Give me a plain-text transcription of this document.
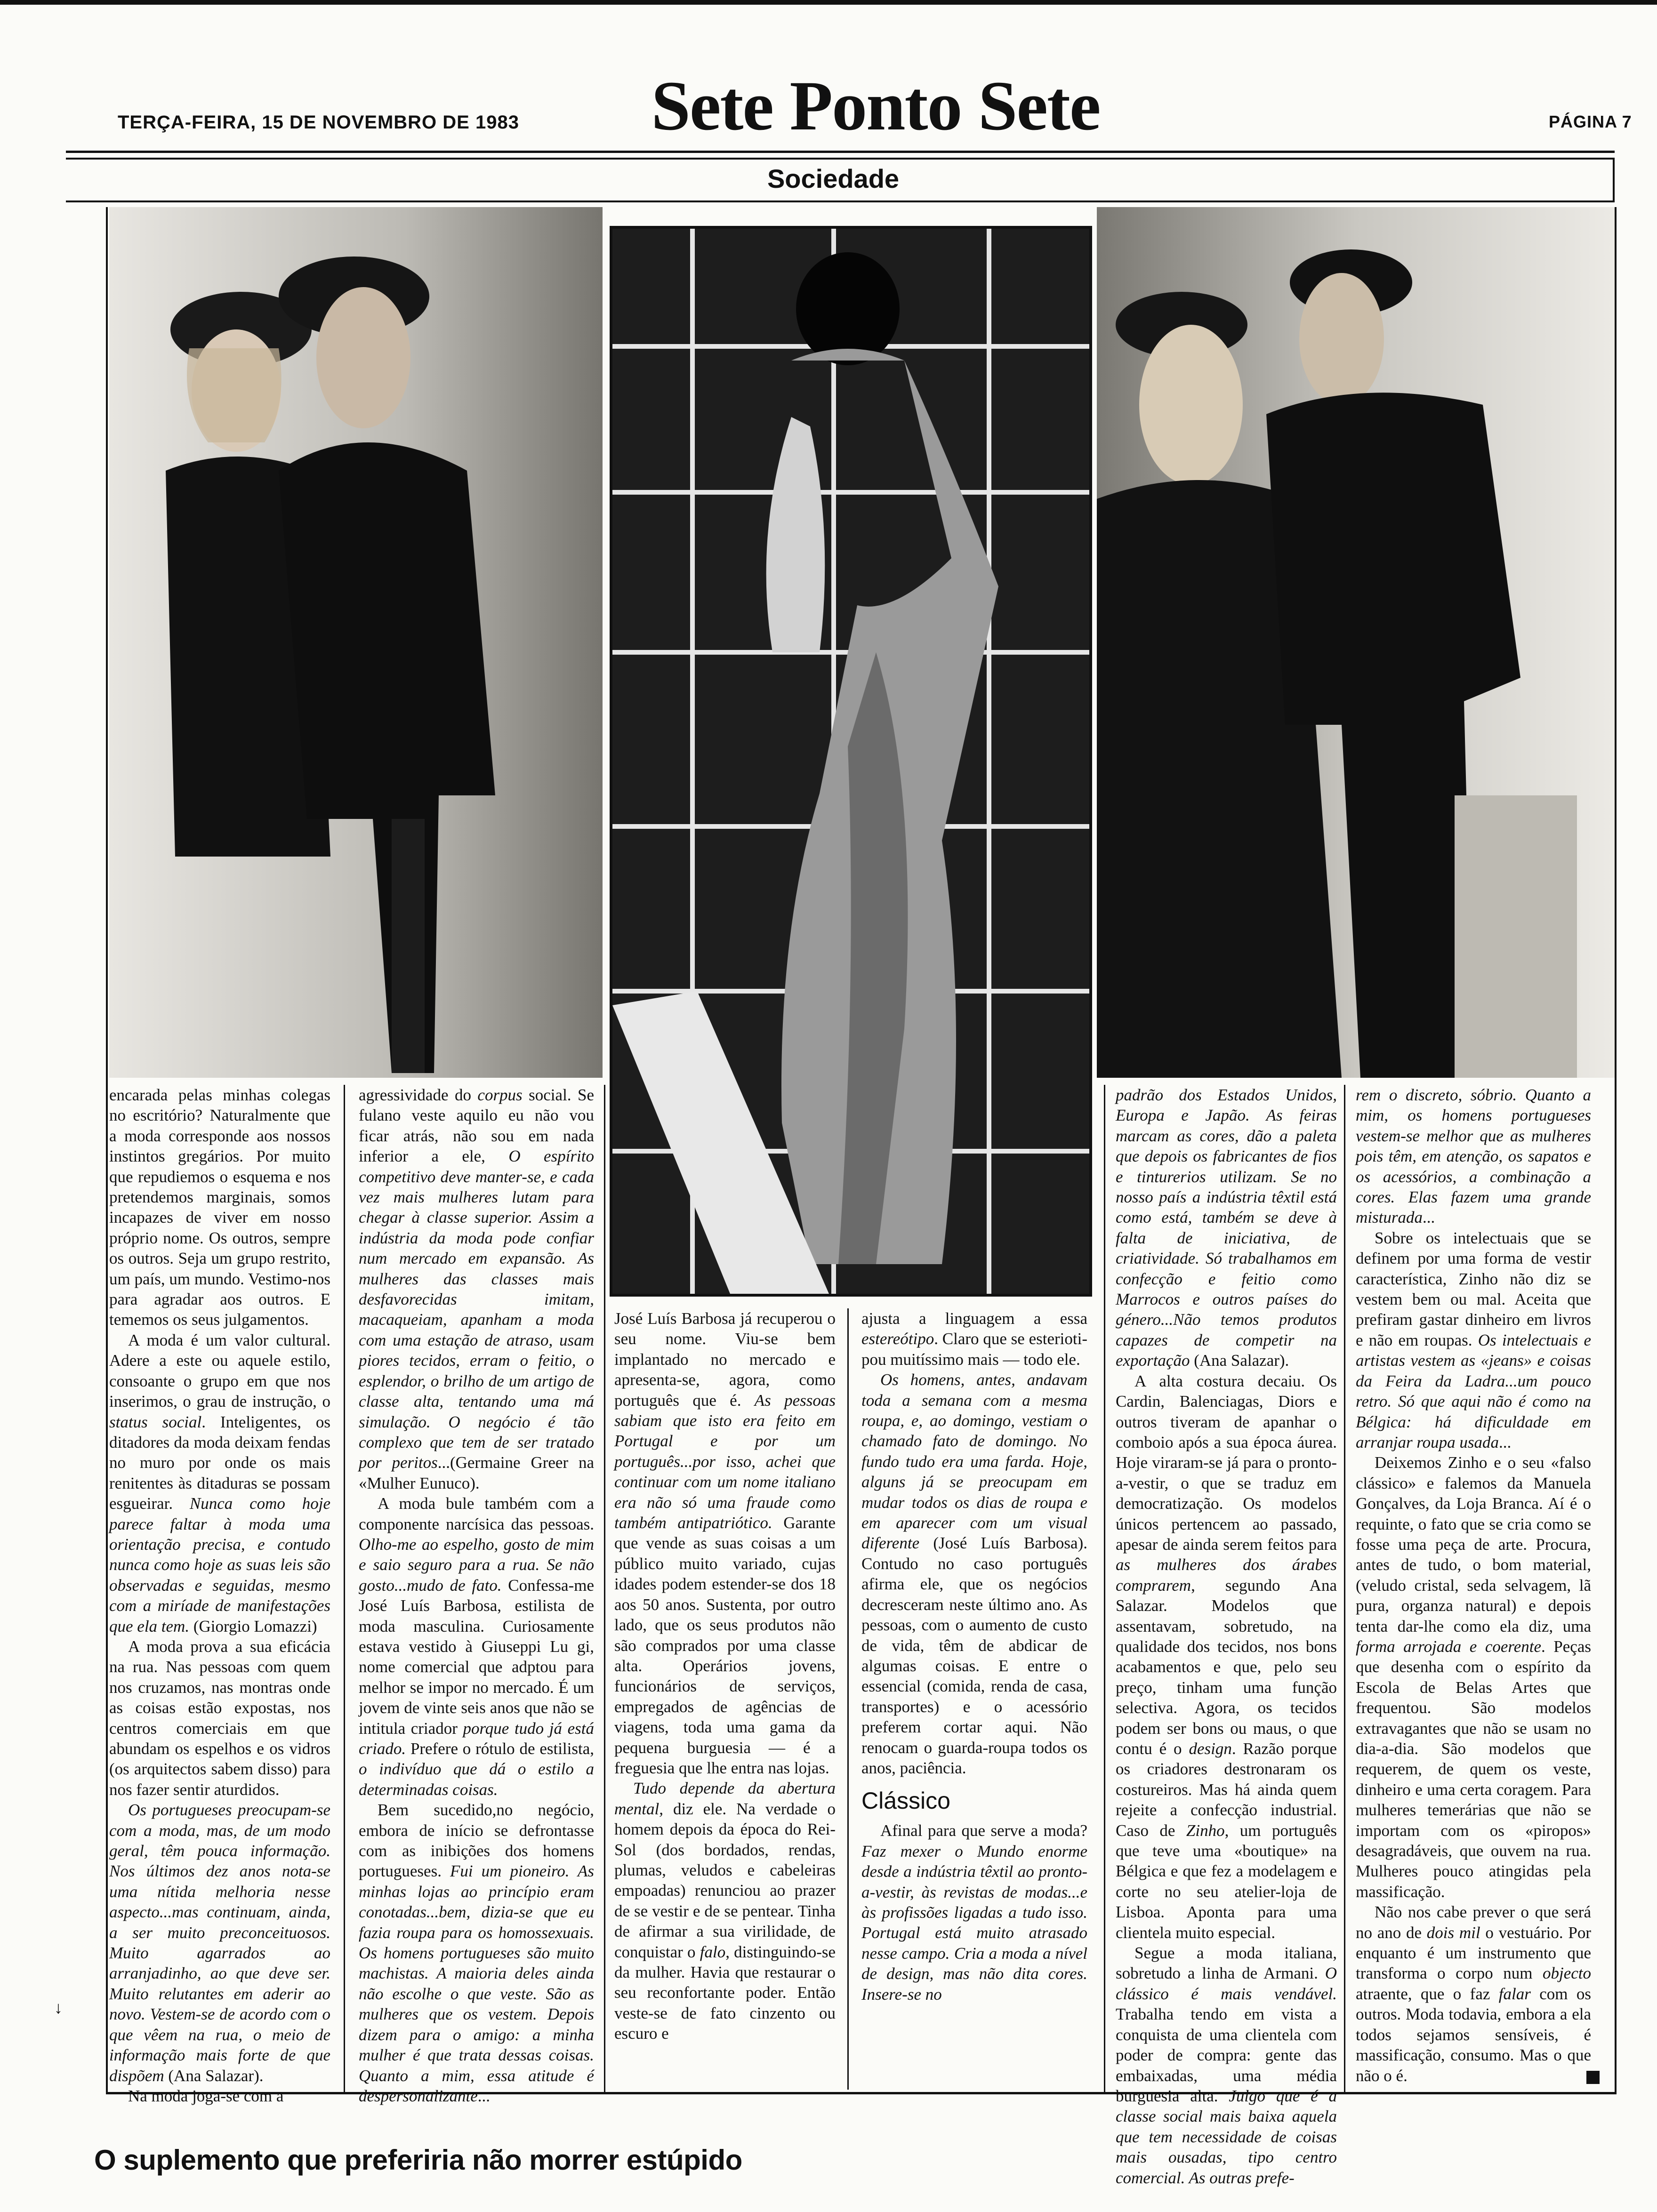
TERÇA-FEIRA, 15 DE NOVEMBRO DE 1983	Sete Ponto Sete	PÁGINA 7
Sociedade

encarada pelas minhas colegas no escritório? Naturalmente que a moda corresponde aos nossos instintos gregários. Por muito que repudiemos o esquema e nos pretendemos marginais, somos incapazes de viver em nosso próprio nome. Os outros, sempre os outros. Seja um grupo restrito, um país, um mundo. Vestimo-nos para agradar aos outros. E tememos os seus julgamentos.

A moda é um valor cultural. Adere a este ou aquele estilo, consoante o grupo em que nos inserimos, o grau de instrução, o status social. Inteligentes, os ditadores da moda deixam fendas no muro por onde os mais renitentes às ditaduras se possam esgueirar. Nunca como hoje parece faltar à moda uma orientação precisa, e contudo nunca como hoje as suas leis são observadas e seguidas, mesmo com a miríade de manifestações que ela tem. (Giorgio Lomazzi)

A moda prova a sua eficácia na rua. Nas pessoas com quem nos cruzamos, nas montras onde as coisas estão expostas, nos centros comerciais em que abundam os espelhos e os vidros (os arquitectos sabem disso) para nos fazer sentir aturdidos.

Os portugueses preocupam-se com a moda, mas, de um modo geral, têm pouca informação. Nos últimos dez anos nota-se uma nítida melhoria nesse aspecto...mas continuam, ainda, a ser muito preconceituosos. Muito agarrados ao arranjadinho, ao que deve ser. Muito relutantes em aderir ao novo. Vestem-se de acordo com o que vêem na rua, o meio de informação mais forte de que dispõem (Ana Salazar).

Na moda joga-se com a

agressividade do corpus social. Se fulano veste aquilo eu não vou ficar atrás, não sou em nada inferior a ele, O espírito competitivo deve manter-se, e cada vez mais mulheres lutam para chegar à classe superior. Assim a indústria da moda pode confiar num mercado em expansão. As mulheres das classes mais desfavorecidas imitam, macaqueiam, apanham a moda com uma estação de atraso, usam piores tecidos, erram o feitio, o esplendor, o brilho de um artigo de classe alta, tentando uma má simulação. O negócio é tão complexo que tem de ser tratado por peritos...(Germaine Greer na «Mulher Eunuco).

A moda bule também com a componente narcísica das pessoas. Olho-me ao espelho, gosto de mim e saio seguro para a rua. Se não gosto...mudo de fato. Confessa-me José Luís Barbosa, estilista de moda masculina. Curiosamente estava vestido à Giuseppi Lu gi, nome comercial que adptou para melhor se impor no mercado. É um jovem de vinte seis anos que não se intitula criador porque tudo já está criado. Prefere o rótulo de estilista, o indivíduo que dá o estilo a determinadas coisas.

Bem sucedido,no negócio, embora de início se defrontasse com as inibições dos homens portugueses. Fui um pioneiro. As minhas lojas ao princípio eram conotadas...bem, dizia-se que eu fazia roupa para os homossexuais. Os homens portugueses são muito machistas. A maioria deles ainda não escolhe o que veste. São as mulheres que os vestem. Depois dizem para o amigo: a minha mulher é que trata dessas coisas. Quanto a mim, essa atitude é despersonalizante...

José Luís Barbosa já recuperou o seu nome. Viu-se bem implantado no mercado e apresenta-se, agora, como português que é. As pessoas sabiam que isto era feito em Portugal e por um português...por isso, achei que continuar com um nome italiano era não só uma fraude como também antipatriótico. Garante que vende as suas coisas a um público muito variado, cujas idades podem estender-se dos 18 aos 50 anos. Sustenta, por outro lado, que os seus produtos não são comprados por uma classe alta. Operários jovens, funcionários de serviços, empregados de agências de viagens, toda uma gama da pequena burguesia — é a freguesia que lhe entra nas lojas.

Tudo depende da abertura mental, diz ele. Na verdade o homem depois da época do Rei-Sol (dos bordados, rendas, plumas, veludos e cabeleiras empoadas) renunciou ao prazer de se vestir e de se pentear. Tinha de afirmar a sua virilidade, de conquistar o falo, distinguindo-se da mulher. Havia que restaurar o seu reconfortante poder. Então veste-se de fato cinzento ou escuro e

ajusta a linguagem a essa estereótipo. Claro que se esteriotipou muitíssimo mais — todo ele.

Os homens, antes, andavam toda a semana com a mesma roupa, e, ao domingo, vestiam o chamado fato de domingo. No fundo tudo era uma farda. Hoje, alguns já se preocupam em mudar todos os dias de roupa e em aparecer com um visual diferente (José Luís Barbosa). Contudo no caso português afirma ele, que os negócios decresceram neste último ano. As pessoas, com o aumento de custo de vida, têm de abdicar de algumas coisas. E entre o essencial (comida, renda de casa, transportes) e o acessório preferem cortar aqui. Não renocam o guarda-roupa todos os anos, paciência.

Clássico

Afinal para que serve a moda? Faz mexer o Mundo enorme desde a indústria têxtil ao pronto-a-vestir, às revistas de modas...e às profissões ligadas a tudo isso. Portugal está muito atrasado nesse campo. Cria a moda a nível de design, mas não dita cores. Insere-se no

padrão dos Estados Unidos, Europa e Japão. As feiras marcam as cores, dão a paleta que depois os fabricantes de fios e tinturerios utilizam. Se no nosso país a indústria têxtil está como está, também se deve à falta de iniciativa, de criatividade. Só trabalhamos em confecção e feitio como Marrocos e outros países do género...Não temos produtos capazes de competir na exportação (Ana Salazar).

A alta costura decaiu. Os Cardin, Balenciagas, Diors e outros tiveram de apanhar o comboio após a sua época áurea. Hoje viraram-se já para o pronto-a-vestir, o que se traduz em democratização. Os modelos únicos pertencem ao passado, apesar de ainda serem feitos para as mulheres dos árabes comprarem, segundo Ana Salazar. Modelos que assentavam, sobretudo, na qualidade dos tecidos, nos bons acabamentos e que, pelo seu preço, tinham uma função selectiva. Agora, os tecidos podem ser bons ou maus, o que contu é o design. Razão porque os criadores destronaram os costureiros. Mas há ainda quem rejeite a confecção industrial. Caso de Zinho, um português que teve uma «boutique» na Bélgica e que fez a modelagem e corte no seu atelier-loja de Lisboa. Aponta para uma clientela muito especial.

Segue a moda italiana, sobretudo a linha de Armani. O clássico é mais vendável. Trabalha tendo em vista a conquista de uma clientela com poder de compra: gente das embaixadas, uma média burguesia alta. Julgo que é a classe social mais baixa aquela que tem necessidade de coisas mais ousadas, tipo centro comercial. As outras prefe-

rem o discreto, sóbrio. Quanto a mim, os homens portugueses vestem-se melhor que as mulheres pois têm, em atenção, os sapatos e os acessórios, a combinação a cores. Elas fazem uma grande misturada...

Sobre os intelectuais que se definem por uma forma de vestir característica, Zinho não diz se vestem bem ou mal. Aceita que prefiram gastar dinheiro em livros e não em roupas. Os intelectuais e artistas vestem as «jeans» e coisas da Feira da Ladra...um pouco retro. Só que aqui não é como na Bélgica: há dificuldade em arranjar roupa usada...

Deixemos Zinho e o seu «falso clássico» e falemos da Manuela Gonçalves, da Loja Branca. Aí é o requinte, o fato que se cria como se fosse uma peça de arte. Procura, antes de tudo, o bom material, (veludo cristal, seda selvagem, lã pura, organza natural) e depois tenta dar-lhe como ela diz, uma forma arrojada e coerente. Peças que desenha com o espírito da Escola de Belas Artes que frequentou. São modelos extravagantes que não se usam no dia-a-dia. São modelos que requerem, de quem os veste, dinheiro e uma certa coragem. Para mulheres temerárias que não se importam com os «piropos» desagradáveis, que ouvem na rua. Mulheres pouco atingidas pela massificação.

Não nos cabe prever o que será no ano de dois mil o vestuário. Por enquanto é um instrumento que transforma o corpo num objecto atraente, que o faz falar com os outros. Moda todavia, embora a ela todos sejamos sensíveis, é massificação, consumo. Mas o que não o é.

↓
O suplemento que preferiria não morrer estúpido
